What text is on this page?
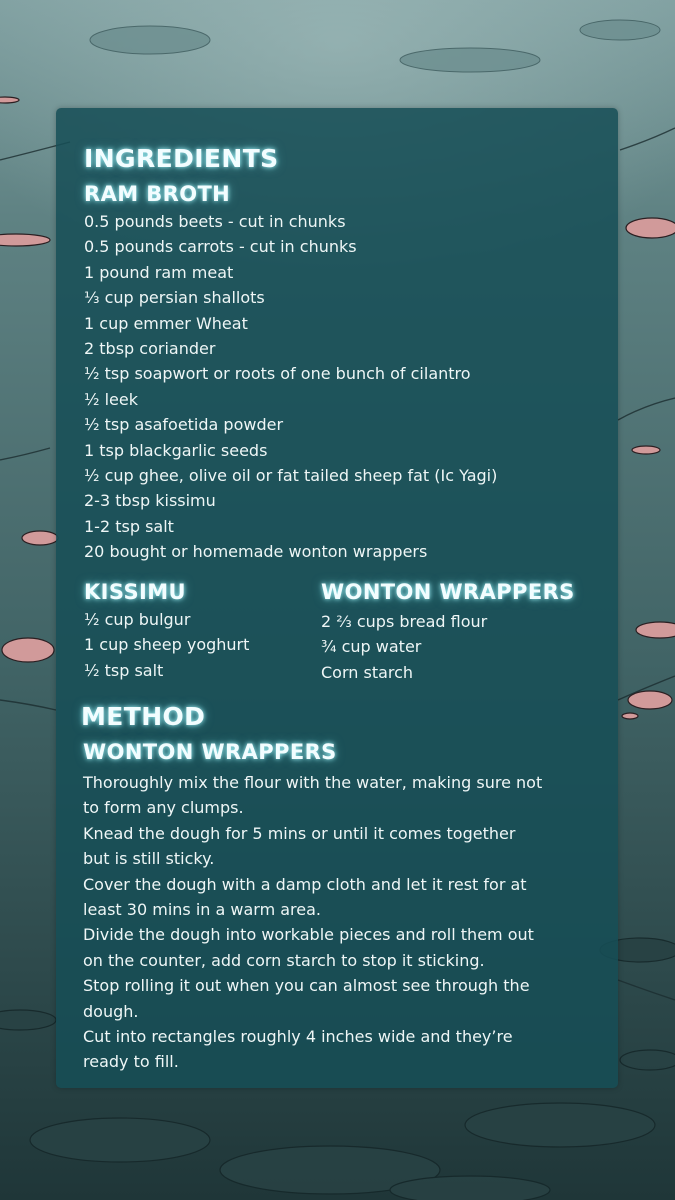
INGREDIENTS
RAM BROTH
0.5 pounds beets - cut in chunks
0.5 pounds carrots - cut in chunks
1 pound ram meat
⅓ cup persian shallots
1 cup emmer Wheat
2 tbsp coriander
½ tsp soapwort or roots of one bunch of cilantro
½ leek
½ tsp asafoetida powder
1 tsp blackgarlic seeds
½ cup ghee, olive oil or fat tailed sheep fat (Ic Yagi)
2-3 tbsp kissimu
1-2 tsp salt
20 bought or homemade wonton wrappers
KISSIMU
½ cup bulgur
1 cup sheep yoghurt
½ tsp salt
WONTON WRAPPERS
2 ⅔ cups bread flour
¾ cup water
Corn starch
METHOD
WONTON WRAPPERS
Thoroughly mix the flour with the water, making sure not
to form any clumps.
Knead the dough for 5 mins or until it comes together
but is still sticky.
Cover the dough with a damp cloth and let it rest for at
least 30 mins in a warm area.
Divide the dough into workable pieces and roll them out
on the counter, add corn starch to stop it sticking.
Stop rolling it out when you can almost see through the
dough.
Cut into rectangles roughly 4 inches wide and they’re
ready to fill.
